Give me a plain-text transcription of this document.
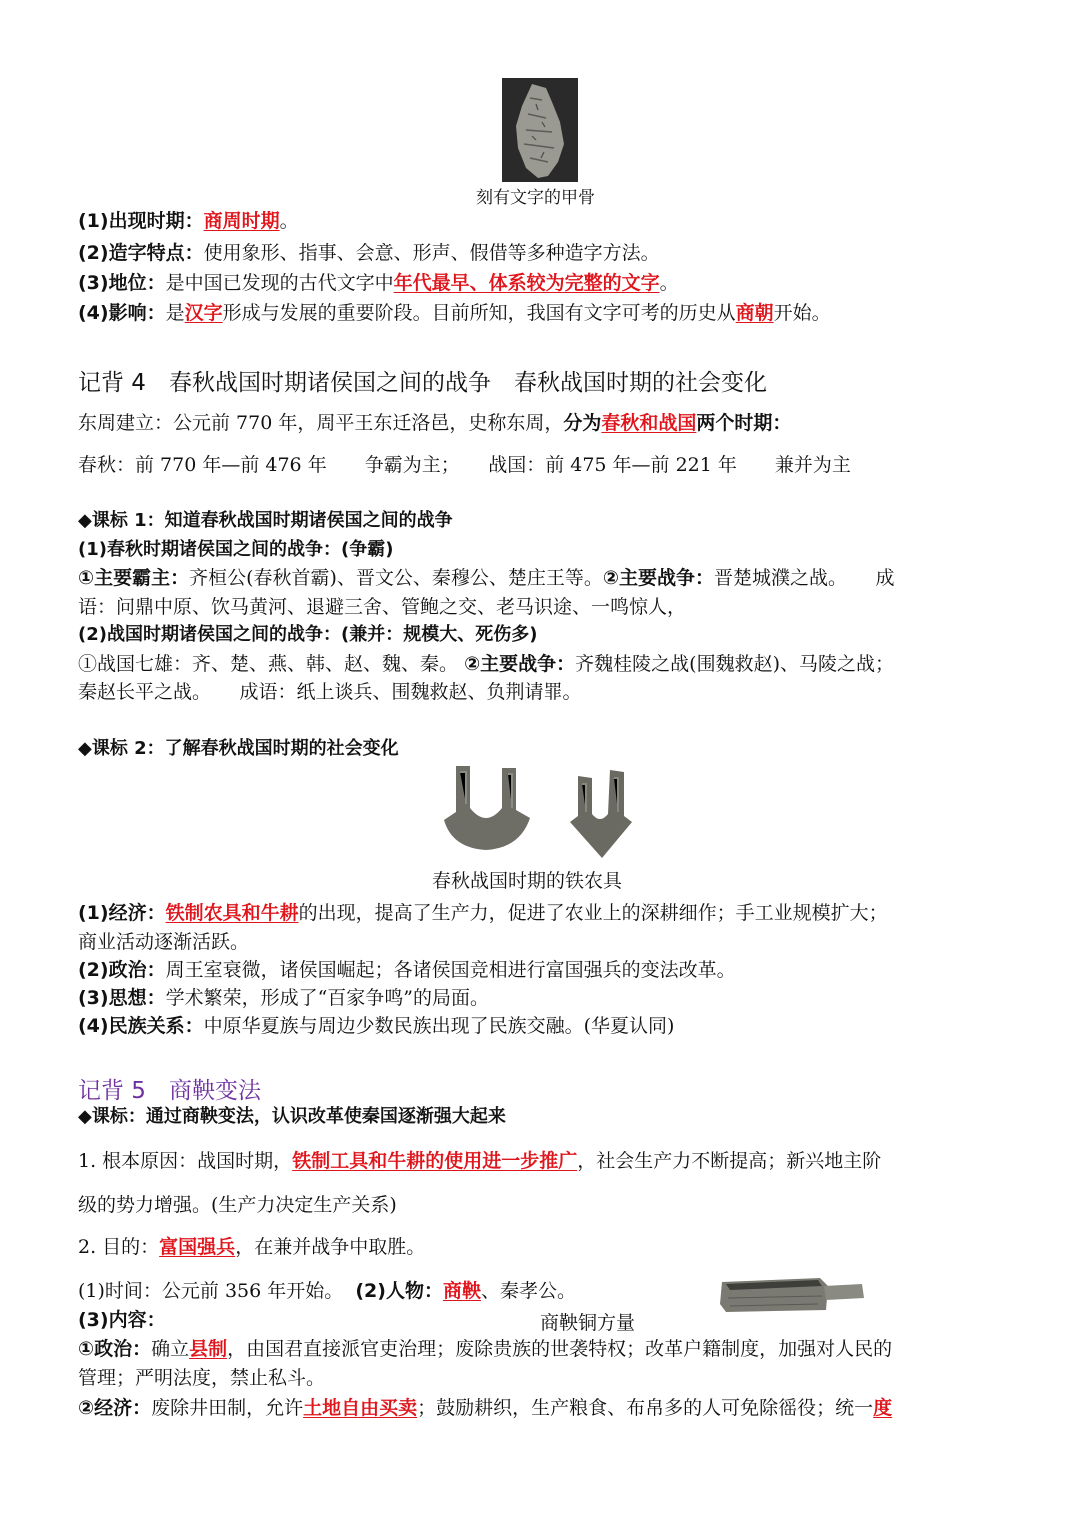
刻有文字的甲骨
(1)出现时期：商周时期。
(2)造字特点：使用象形、指事、会意、形声、假借等多种造字方法。
(3)地位：是中国已发现的古代文字中年代最早、体系较为完整的文字。
(4)影响：是汉字形成与发展的重要阶段。目前所知，我国有文字可考的历史从商朝开始。
记背 4　春秋战国时期诸侯国之间的战争　春秋战国时期的社会变化
东周建立：公元前 770 年，周平王东迁洛邑，史称东周，分为春秋和战国两个时期：
春秋：前 770 年—前 476 年　　争霸为主；　　战国：前 475 年—前 221 年　　兼并为主
◆课标 1：知道春秋战国时期诸侯国之间的战争
(1)春秋时期诸侯国之间的战争：(争霸)
①主要霸主：齐桓公(春秋首霸)、晋文公、秦穆公、楚庄王等。②主要战争：晋楚城濮之战。　　成
语：问鼎中原、饮马黄河、退避三舍、管鲍之交、老马识途、一鸣惊人，
(2)战国时期诸侯国之间的战争：(兼并：规模大、死伤多)
①战国七雄：齐、楚、燕、韩、赵、魏、秦。 ②主要战争：齐魏桂陵之战(围魏救赵)、马陵之战；
秦赵长平之战。　　成语：纸上谈兵、围魏救赵、负荆请罪。
◆课标 2：了解春秋战国时期的社会变化
春秋战国时期的铁农具
(1)经济：铁制农具和牛耕的出现，提高了生产力，促进了农业上的深耕细作；手工业规模扩大；
商业活动逐渐活跃。
(2)政治：周王室衰微，诸侯国崛起；各诸侯国竞相进行富国强兵的变法改革。
(3)思想：学术繁荣，形成了“百家争鸣”的局面。
(4)民族关系：中原华夏族与周边少数民族出现了民族交融。(华夏认同)
记背 5　商鞅变法
◆课标：通过商鞅变法，认识改革使秦国逐渐强大起来
1. 根本原因：战国时期，铁制工具和牛耕的使用进一步推广，社会生产力不断提高；新兴地主阶
级的势力增强。(生产力决定生产关系)
2. 目的：富国强兵，在兼并战争中取胜。
(1)时间：公元前 356 年开始。 (2)人物：商鞅、秦孝公。
(3)内容：	商鞅铜方量
①政治：确立县制，由国君直接派官吏治理；废除贵族的世袭特权；改革户籍制度，加强对人民的
管理；严明法度，禁止私斗。
②经济：废除井田制，允许土地自由买卖；鼓励耕织，生产粮食、布帛多的人可免除徭役；统一度
